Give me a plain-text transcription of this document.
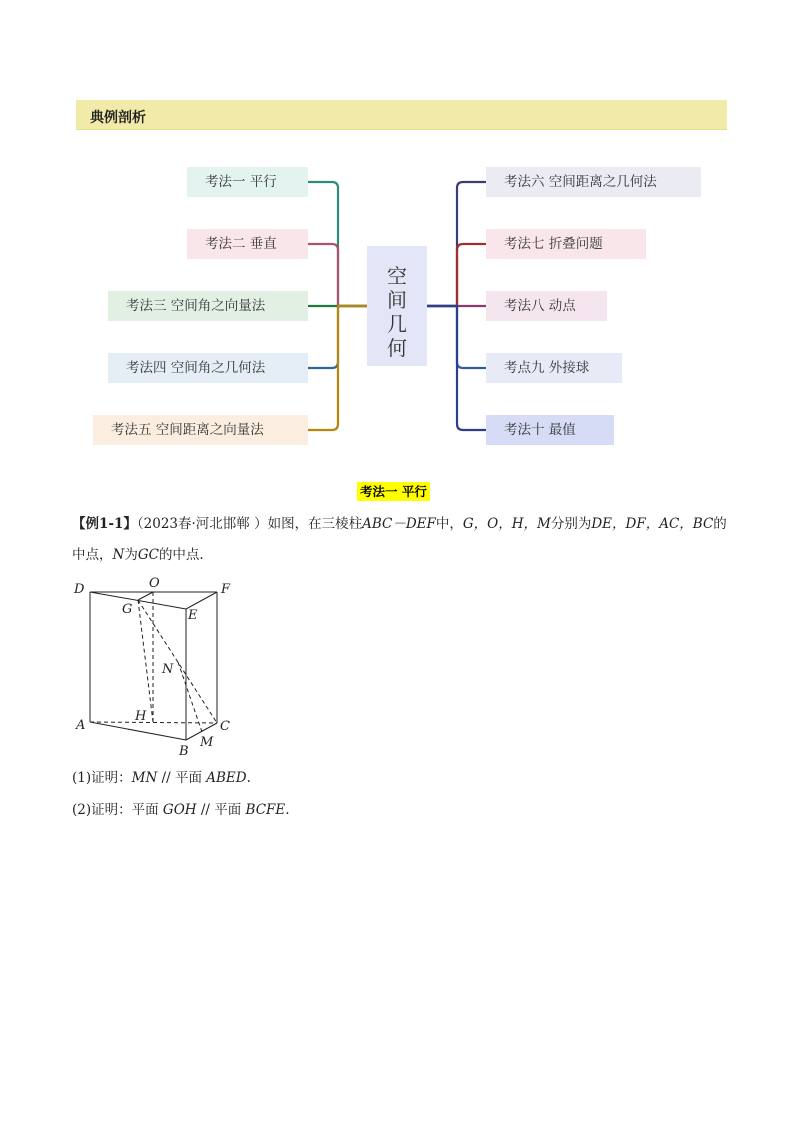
典例剖析
考法一 平行
考法二 垂直
考法三 空间角之向量法
考法四 空间角之几何法
考法五 空间距离之向量法
考法六 空间距离之几何法
考法七 折叠问题
考法八 动点
考点九 外接球
考法十 最值
空
间
几
何
考法一 平行
【例1-1】（2023春·河北邯郸 ）如图，在三棱柱ABC－DEF中，G，O，H，M分别为DE，DF，AC，BC的
中点，N为GC的中点.
D	O	F
G	E
N
A
H
C
B
M
(1)证明：MN // 平面 ABED.
(2)证明：平面 GOH // 平面 BCFE.
